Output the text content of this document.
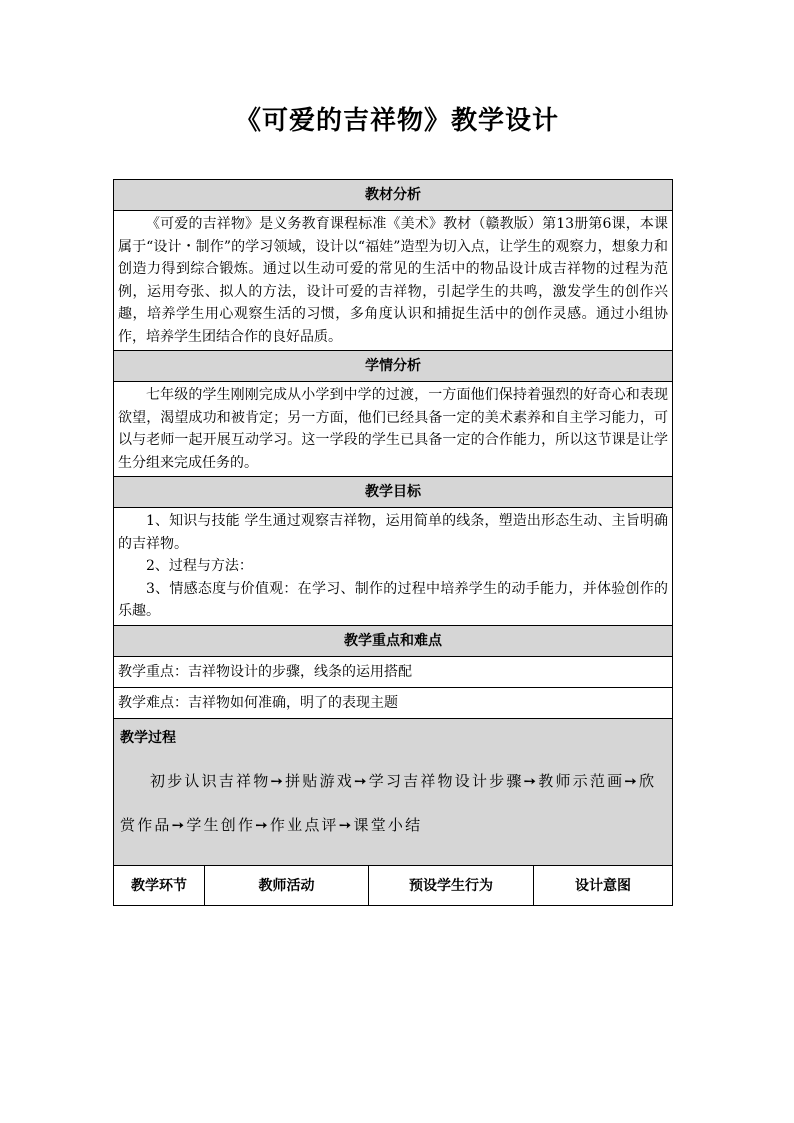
《可爱的吉祥物》教学设计
教材分析
《可爱的吉祥物》是义务教育课程标准《美术》教材（赣教版）第13册第6课，本课属于“设计・制作”的学习领域，设计以“福娃”造型为切入点，让学生的观察力，想象力和创造力得到综合锻炼。通过以生动可爱的常见的生活中的物品设计成吉祥物的过程为范例，运用夸张、拟人的方法，设计可爱的吉祥物，引起学生的共鸣，激发学生的创作兴趣，培养学生用心观察生活的习惯，多角度认识和捕捉生活中的创作灵感。通过小组协作，培养学生团结合作的良好品质。
学情分析
七年级的学生刚刚完成从小学到中学的过渡，一方面他们保持着强烈的好奇心和表现欲望，渴望成功和被肯定；另一方面，他们已经具备一定的美术素养和自主学习能力，可以与老师一起开展互动学习。这一学段的学生已具备一定的合作能力，所以这节课是让学生分组来完成任务的。
教学目标
1、知识与技能 学生通过观察吉祥物，运用简单的线条，塑造出形态生动、主旨明确的吉祥物。
2、过程与方法：
3、情感态度与价值观：在学习、制作的过程中培养学生的动手能力，并体验创作的乐趣。
教学重点和难点
教学重点：吉祥物设计的步骤，线条的运用搭配
教学难点：吉祥物如何准确，明了的表现主题
教学过程
初步认识吉祥物➙拼贴游戏➙学习吉祥物设计步骤➙教师示范画➙欣赏作品➙学生创作➙作业点评➙课堂小结
教学环节	教师活动	预设学生行为	设计意图
